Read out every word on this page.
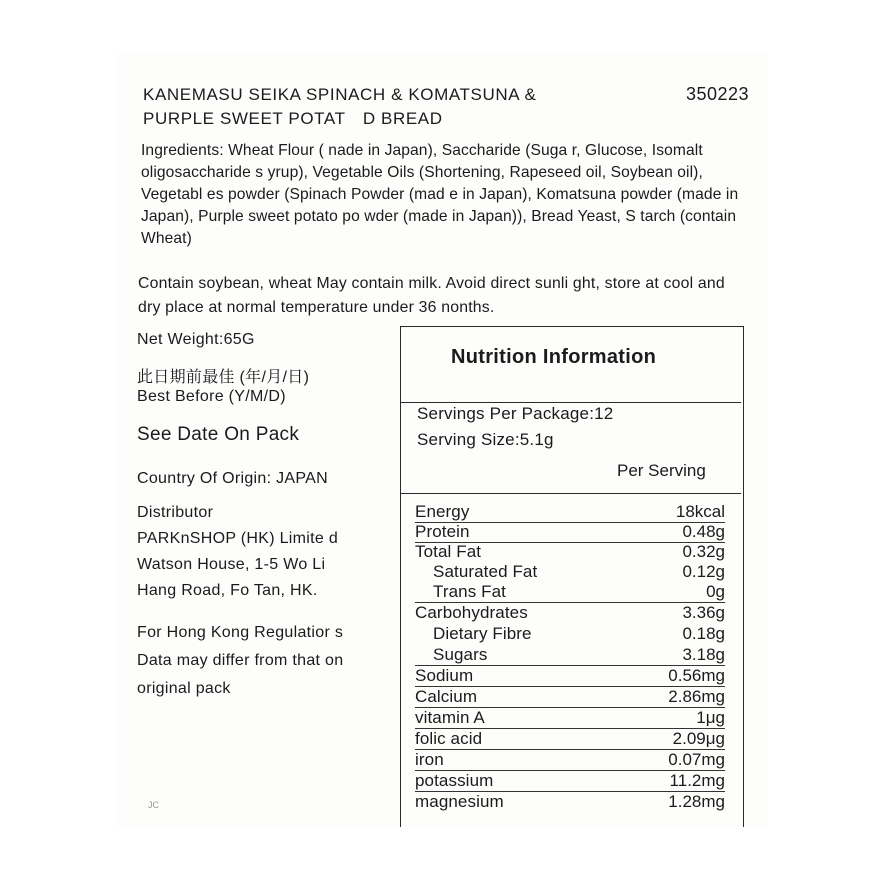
KANEMASU SEIKA SPINACH & KOMATSUNA & PURPLE SWEET POTAT　D BREAD
350223
Ingredients: Wheat Flour ( nade in Japan), Saccharide (Suga r, Glucose, Isomalt oligosaccharide s yrup), Vegetable Oils (Shortening, Rapeseed oil, Soybean oil), Vegetabl es powder (Spinach Powder (mad e in Japan), Komatsuna powder (made in Japan), Purple sweet potato po wder (made in Japan)), Bread Yeast, S tarch (contain Wheat)
Contain soybean, wheat May contain milk. Avoid direct sunli ght, store at cool and dry place at normal temperature under 36 nonths.
Net Weight:65G
此日期前最佳 (年/月/日)
Best Before (Y/M/D)
See Date On Pack
Country Of Origin: JAPAN
Distributor
PARKnSHOP (HK) Limite d
Watson House, 1-5 Wo Li
Hang Road, Fo Tan, HK.
For Hong Kong Regulatior s
Data may differ from that on
original pack
JC
Nutrition Information
Servings Per Package:12
Serving Size:5.1g
Per Serving
Energy	18kcal
Protein	0.48g
Total Fat	0.32g
Saturated Fat	0.12g
Trans Fat	0g
Carbohydrates	3.36g
Dietary Fibre	0.18g
Sugars	3.18g
Sodium	0.56mg
Calcium	2.86mg
vitamin A	1μg
folic acid	2.09μg
iron	0.07mg
potassium	11.2mg
magnesium	1.28mg
